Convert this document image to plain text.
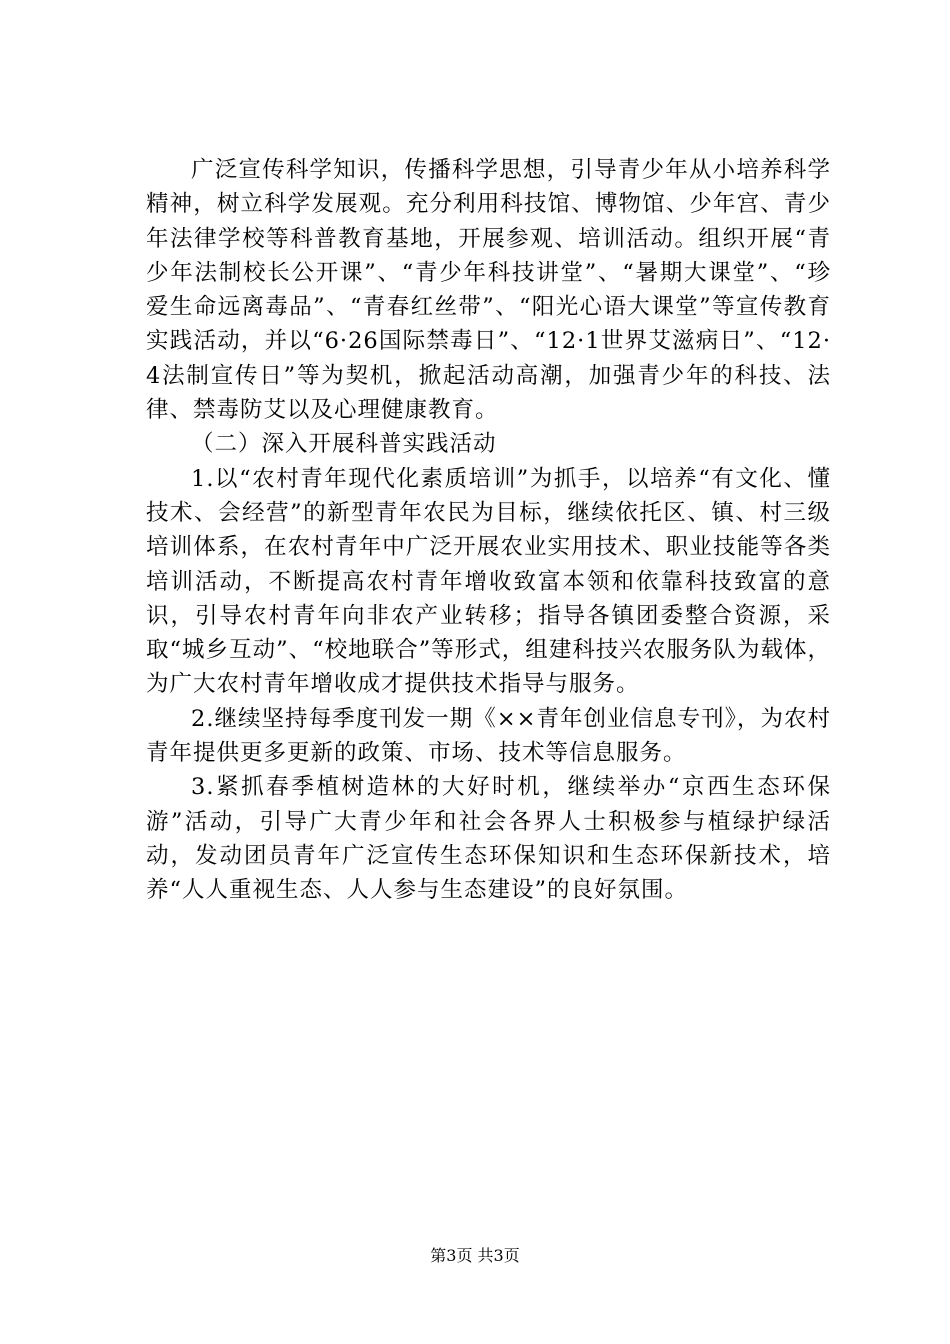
广泛宣传科学知识，传播科学思想，引导青少年从小培养科学精神，树立科学发展观。充分利用科技馆、博物馆、少年宫、青少年法律学校等科普教育基地，开展参观、培训活动。组织开展“青少年法制校长公开课”、“青少年科技讲堂”、“暑期大课堂”、“珍爱生命远离毒品”、“青春红丝带”、“阳光心语大课堂”等宣传教育实践活动，并以“6·26国际禁毒日”、“12·1世界艾滋病日”、“12·4法制宣传日”等为契机，掀起活动高潮，加强青少年的科技、法律、禁毒防艾以及心理健康教育。

（二）深入开展科普实践活动

1.以“农村青年现代化素质培训”为抓手，以培养“有文化、懂技术、会经营”的新型青年农民为目标，继续依托区、镇、村三级培训体系，在农村青年中广泛开展农业实用技术、职业技能等各类培训活动，不断提高农村青年增收致富本领和依靠科技致富的意识，引导农村青年向非农产业转移；指导各镇团委整合资源，采取“城乡互动”、“校地联合”等形式，组建科技兴农服务队为载体，为广大农村青年增收成才提供技术指导与服务。

2.继续坚持每季度刊发一期《××青年创业信息专刊》，为农村青年提供更多更新的政策、市场、技术等信息服务。

3.紧抓春季植树造林的大好时机，继续举办“京西生态环保游”活动，引导广大青少年和社会各界人士积极参与植绿护绿活动，发动团员青年广泛宣传生态环保知识和生态环保新技术，培养“人人重视生态、人人参与生态建设”的良好氛围。

第3页 共3页
